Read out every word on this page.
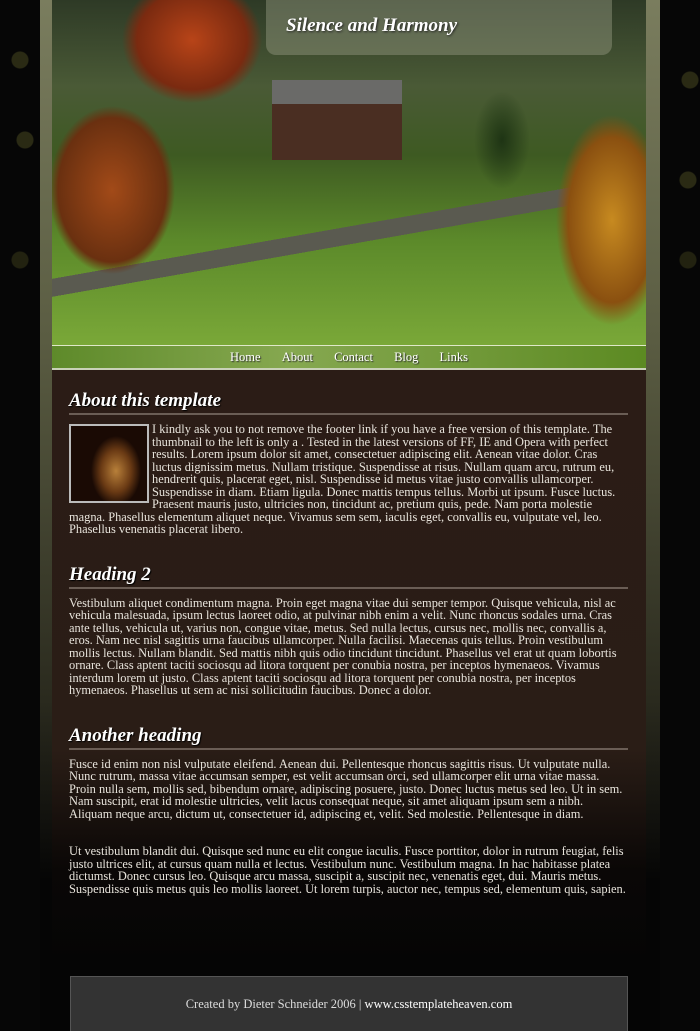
Silence and Harmony
Home About Contact Blog Links
About this template

I kindly ask you to not remove the footer link if you have a free version of this template. The thumbnail to the left is only a . Tested in the latest versions of FF, IE and Opera with perfect results. Lorem ipsum dolor sit amet, consectetuer adipiscing elit. Aenean vitae dolor. Cras luctus dignissim metus. Nullam tristique. Suspendisse at risus. Nullam quam arcu, rutrum eu, hendrerit quis, placerat eget, nisl. Suspendisse id metus vitae justo convallis ullamcorper. Suspendisse in diam. Etiam ligula. Donec mattis tempus tellus. Morbi ut ipsum. Fusce luctus. Praesent mauris justo, ultricies non, tincidunt ac, pretium quis, pede. Nam porta molestie magna. Phasellus elementum aliquet neque. Vivamus sem sem, iaculis eget, convallis eu, vulputate vel, leo. Phasellus venenatis placerat libero.

Heading 2

Vestibulum aliquet condimentum magna. Proin eget magna vitae dui semper tempor. Quisque vehicula, nisl ac vehicula malesuada, ipsum lectus laoreet odio, at pulvinar nibh enim a velit. Nunc rhoncus sodales urna. Cras ante tellus, vehicula ut, varius non, congue vitae, metus. Sed nulla lectus, cursus nec, mollis nec, convallis a, eros. Nam nec nisl sagittis urna faucibus ullamcorper. Nulla facilisi. Maecenas quis tellus. Proin vestibulum mollis lectus. Nullam blandit. Sed mattis nibh quis odio tincidunt tincidunt. Phasellus vel erat ut quam lobortis ornare. Class aptent taciti sociosqu ad litora torquent per conubia nostra, per inceptos hymenaeos. Vivamus interdum lorem ut justo. Class aptent taciti sociosqu ad litora torquent per conubia nostra, per inceptos hymenaeos. Phasellus ut sem ac nisi sollicitudin faucibus. Donec a dolor.

Another heading

Fusce id enim non nisl vulputate eleifend. Aenean dui. Pellentesque rhoncus sagittis risus. Ut vulputate nulla. Nunc rutrum, massa vitae accumsan semper, est velit accumsan orci, sed ullamcorper elit urna vitae massa. Proin nulla sem, mollis sed, bibendum ornare, adipiscing posuere, justo. Donec luctus metus sed leo. Ut in sem. Nam suscipit, erat id molestie ultricies, velit lacus consequat neque, sit amet aliquam ipsum sem a nibh. Aliquam neque arcu, dictum ut, consectetuer id, adipiscing et, velit. Sed molestie. Pellentesque in diam.

Ut vestibulum blandit dui. Quisque sed nunc eu elit congue iaculis. Fusce porttitor, dolor in rutrum feugiat, felis justo ultrices elit, at cursus quam nulla et lectus. Vestibulum nunc. Vestibulum magna. In hac habitasse platea dictumst. Donec cursus leo. Quisque arcu massa, suscipit a, suscipit nec, venenatis eget, dui. Mauris metus. Suspendisse quis metus quis leo mollis laoreet. Ut lorem turpis, auctor nec, tempus sed, elementum quis, sapien.

Created by Dieter Schneider 2006 | www.csstemplateheaven.com
